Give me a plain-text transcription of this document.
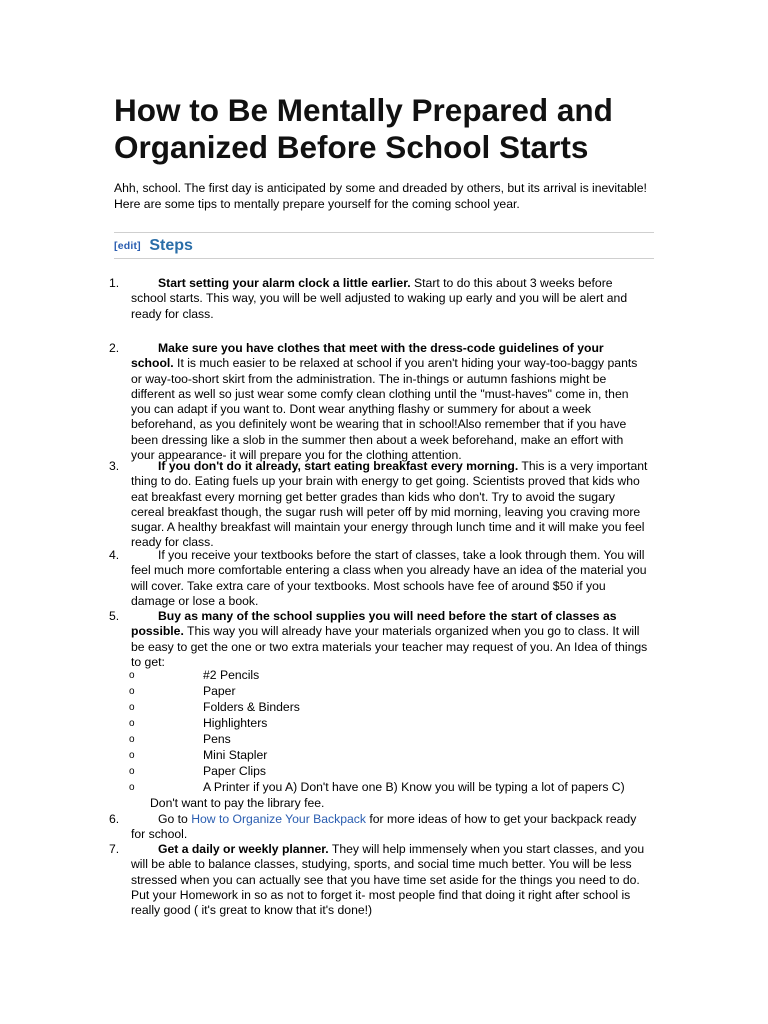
How to Be Mentally Prepared and Organized Before School Starts

Ahh, school. The first day is anticipated by some and dreaded by others, but its arrival is inevitable! Here are some tips to mentally prepare yourself for the coming school year.

[edit] Steps
1.	Start setting your alarm clock a little earlier. Start to do this about 3 weeks before school starts. This way, you will be well adjusted to waking up early and you will be alert and ready for class.
2.	Make sure you have clothes that meet with the dress-code guidelines of your school. It is much easier to be relaxed at school if you aren't hiding your way-too-baggy pants or way-too-short skirt from the administration. The in-things or autumn fashions might be different as well so just wear some comfy clean clothing until the "must-haves" come in, then you can adapt if you want to. Dont wear anything flashy or summery for about a week beforehand, as you definitely wont be wearing that in school!Also remember that if you have been dressing like a slob in the summer then about a week beforehand, make an effort with your appearance- it will prepare you for the clothing attention.
3.	If you don't do it already, start eating breakfast every morning. This is a very important thing to do. Eating fuels up your brain with energy to get going. Scientists proved that kids who eat breakfast every morning get better grades than kids who don't. Try to avoid the sugary cereal breakfast though, the sugar rush will peter off by mid morning, leaving you craving more sugar. A healthy breakfast will maintain your energy through lunch time and it will make you feel ready for class.
4.	If you receive your textbooks before the start of classes, take a look through them. You will feel much more comfortable entering a class when you already have an idea of the material you will cover. Take extra care of your textbooks. Most schools have fee of around $50 if you damage or lose a book.
5.	Buy as many of the school supplies you will need before the start of classes as possible. This way you will already have your materials organized when you go to class. It will be easy to get the one or two extra materials your teacher may request of you. An Idea of things to get:
o	#2 Pencils
o	Paper
o	Folders & Binders
o	Highlighters
o	Pens
o	Mini Stapler
o	Paper Clips
o	A Printer if you A) Don't have one B) Know you will be typing a lot of papers C)
Don't want to pay the library fee.
6.	Go to How to Organize Your Backpack for more ideas of how to get your backpack ready for school.
7.	Get a daily or weekly planner. They will help immensely when you start classes, and you will be able to balance classes, studying, sports, and social time much better. You will be less stressed when you can actually see that you have time set aside for the things you need to do. Put your Homework in so as not to forget it- most people find that doing it right after school is really good ( it's great to know that it's done!)
